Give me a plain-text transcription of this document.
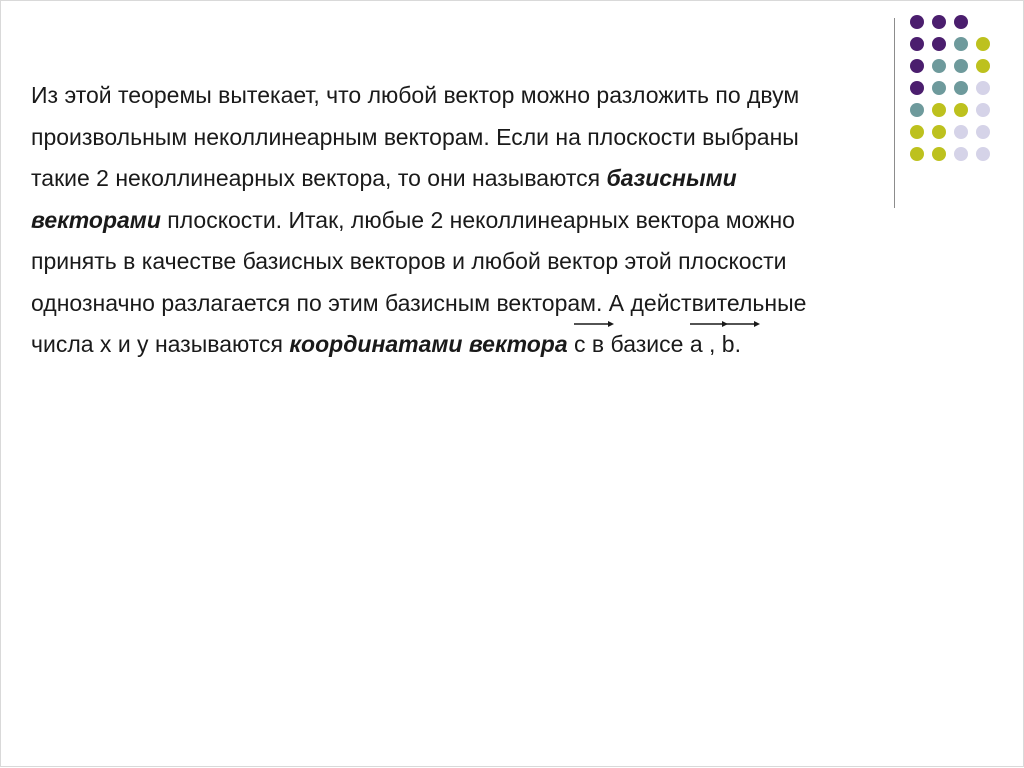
Из этой теоремы вытекает, что любой вектор можно разложить по двум
произвольным неколлинеарным векторам. Если на плоскости выбраны
такие 2 неколлинеарных вектора, то они называются базисными
векторами плоскости. Итак, любые 2 неколлинеарных вектора можно
принять в качестве базисных векторов и любой вектор этой плоскости
однозначно разлагается по этим базисным векторам. А действительные
числа x и y называются координатами вектора с в базисе
a ,
b.
